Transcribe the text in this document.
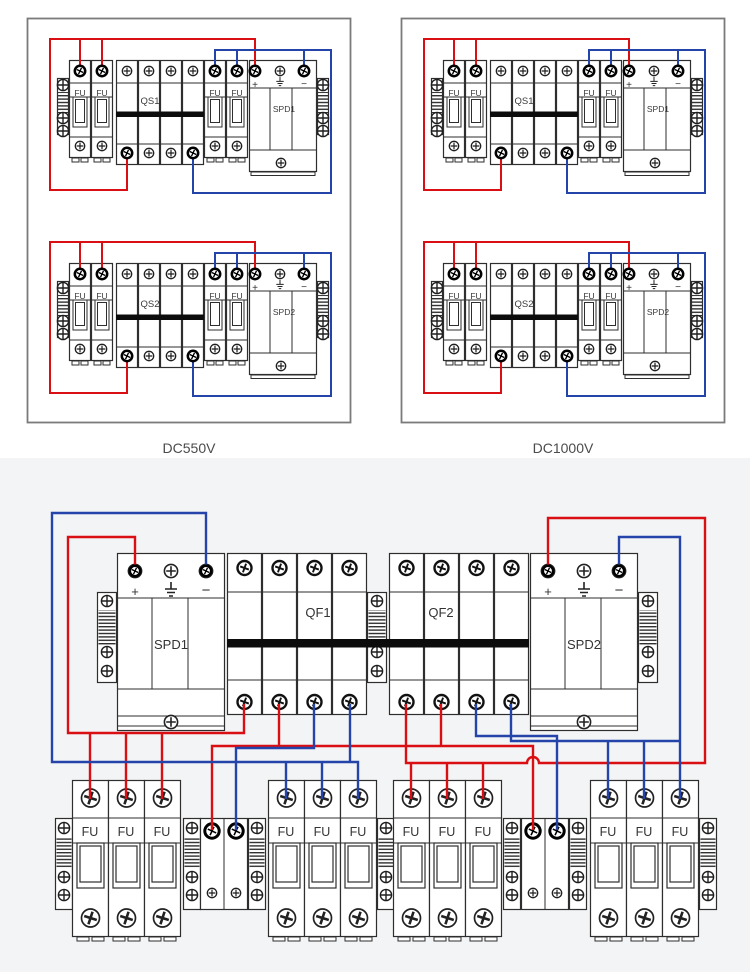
FU FU	FU FU
QS1
SPD1
+	−
FU FU	FU FU
QS2
SPD2
+	−
DC550V
FU FU	FU FU
QS1
SPD1
+	−
FU FU	FU FU
QS2
SPD2
+	−
DC1000V
SPD1
QF1	QF2
SPD2
+	−	+	−
FU FU FU	FU FU FU	FU FU FU	FU FU FU
